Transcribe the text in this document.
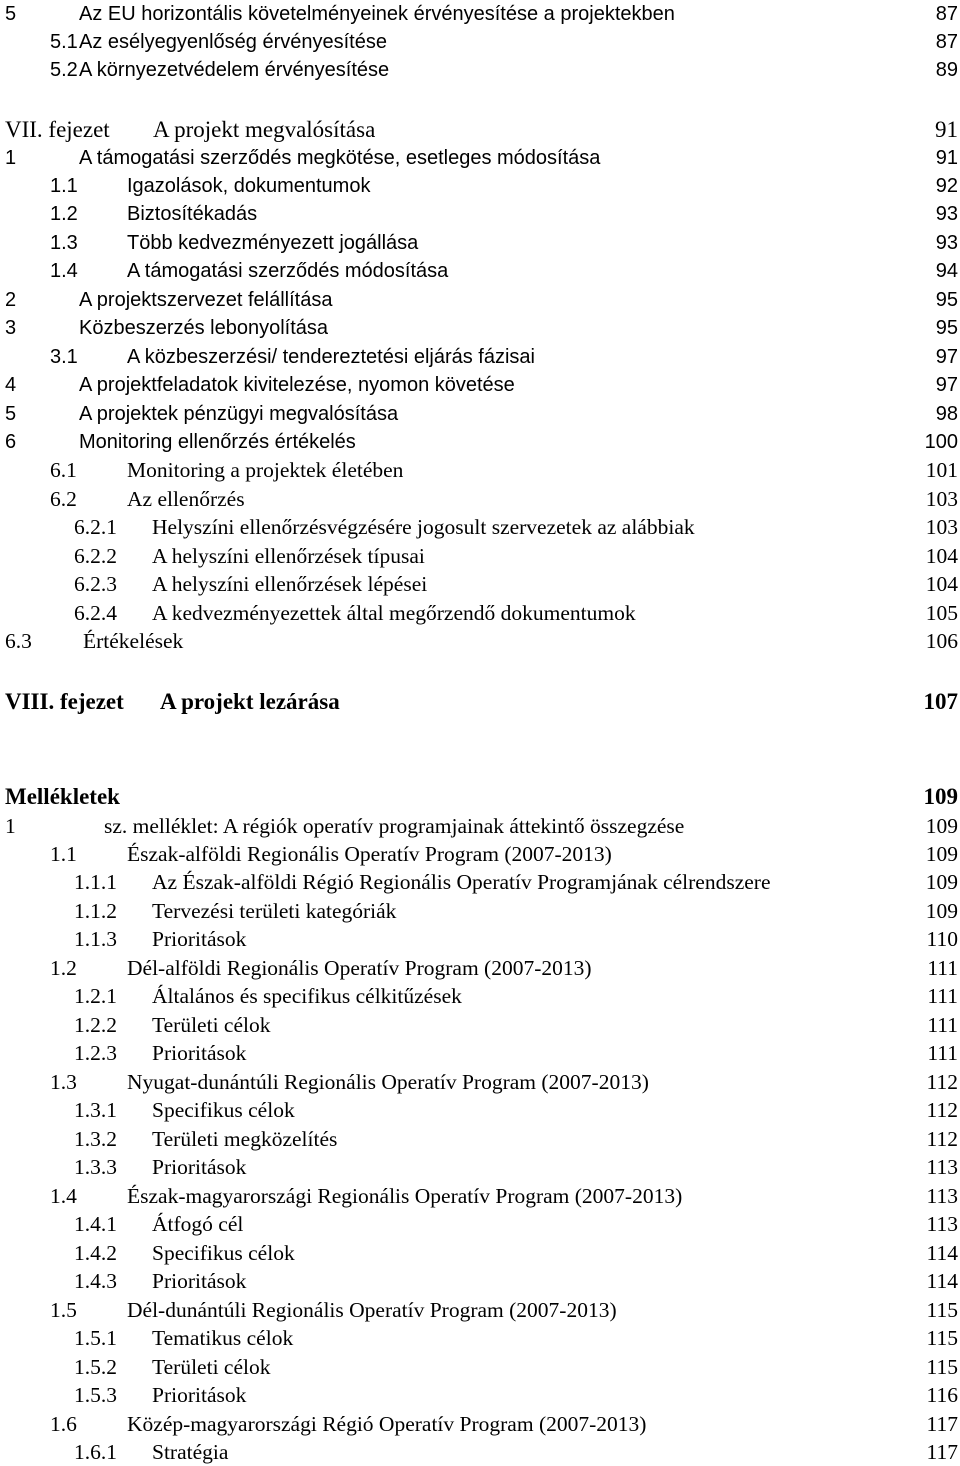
5	Az EU horizontális követelményeinek érvényesítése a projektekben	87
5.1 Az esélyegyenlőség érvényesítése	87
5.2 A környezetvédelem érvényesítése	89
VII. fejezet A projekt megvalósítása	91
1	A támogatási szerződés megkötése, esetleges módosítása	91
1.1 Igazolások, dokumentumok	92
1.2 Biztosítékadás	93
1.3 Több kedvezményezett jogállása	93
1.4 A támogatási szerződés módosítása	94
2	A projektszervezet felállítása	95
3	Közbeszerzés lebonyolítása	95
3.1 A közbeszerzési/ tendereztetési eljárás fázisai	97
4	A projektfeladatok kivitelezése, nyomon követése	97
5	A projektek pénzügyi megvalósítása	98
6	Monitoring ellenőrzés értékelés	100
6.1 Monitoring a projektek életében	101
6.2 Az ellenőrzés	103
6.2.1 Helyszíni ellenőrzésvégzésére jogosult szervezetek az alábbiak	103
6.2.2 A helyszíni ellenőrzések típusai	104
6.2.3 A helyszíni ellenőrzések lépései	104
6.2.4 A kedvezményezettek által megőrzendő dokumentumok	105
6.3 Értékelések	106
VIII. fejezet A projekt lezárása	107
Mellékletek	109
1	sz. melléklet: A régiók operatív programjainak áttekintő összegzése	109
1.1 Észak-alföldi Regionális Operatív Program (2007-2013)	109
1.1.1 Az Észak-alföldi Régió Regionális Operatív Programjának célrendszere	109
1.1.2 Tervezési területi kategóriák	109
1.1.3 Prioritások	110
1.2 Dél-alföldi Regionális Operatív Program (2007-2013)	111
1.2.1 Általános és specifikus célkitűzések	111
1.2.2 Területi célok	111
1.2.3 Prioritások	111
1.3 Nyugat-dunántúli Regionális Operatív Program (2007-2013)	112
1.3.1 Specifikus célok	112
1.3.2 Területi megközelítés	112
1.3.3 Prioritások	113
1.4 Észak-magyarországi Regionális Operatív Program (2007-2013)	113
1.4.1 Átfogó cél	113
1.4.2 Specifikus célok	114
1.4.3 Prioritások	114
1.5 Dél-dunántúli Regionális Operatív Program (2007-2013)	115
1.5.1 Tematikus célok	115
1.5.2 Területi célok	115
1.5.3 Prioritások	116
1.6 Közép-magyarországi Régió Operatív Program (2007-2013)	117
1.6.1 Stratégia	117
